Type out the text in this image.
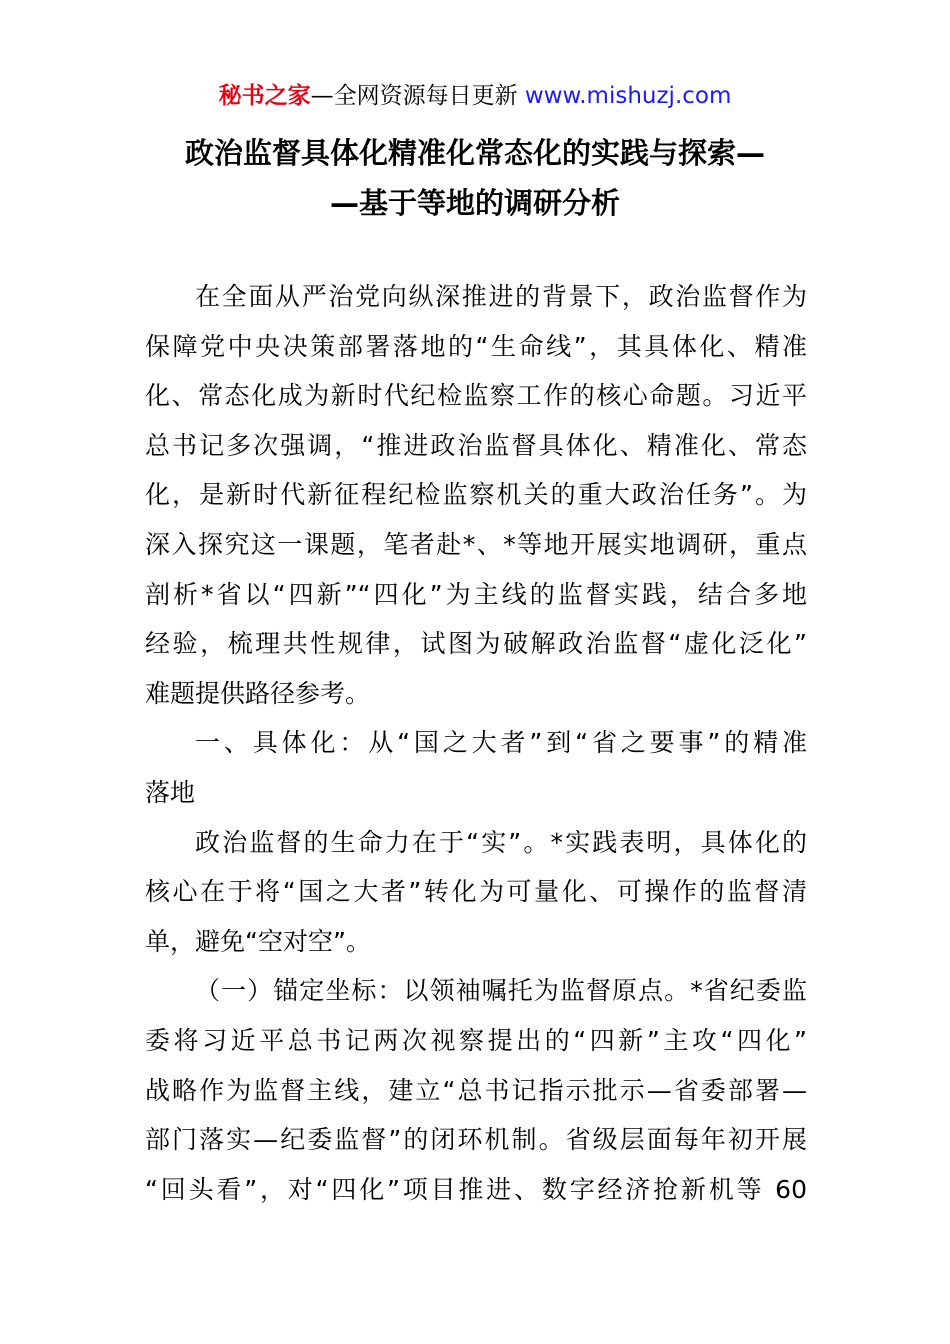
秘书之家—全网资源每日更新 www.mishuzj.com
政治监督具体化精准化常态化的实践与探索—
—基于等地的调研分析
在全面从严治党向纵深推进的背景下，政治监督作为
保障党中央决策部署落地的“生命线”，其具体化、精准
化、常态化成为新时代纪检监察工作的核心命题。习近平
总书记多次强调，“推进政治监督具体化、精准化、常态
化，是新时代新征程纪检监察机关的重大政治任务”。为
深入探究这一课题，笔者赴*、*等地开展实地调研，重点
剖析*省以“四新”“四化”为主线的监督实践，结合多地
经验，梳理共性规律，试图为破解政治监督“虚化泛化”
难题提供路径参考。
一、具体化：从“国之大者”到“省之要事”的精准
落地
政治监督的生命力在于“实”。*实践表明，具体化的
核心在于将“国之大者”转化为可量化、可操作的监督清
单，避免“空对空”。
（一）锚定坐标：以领袖嘱托为监督原点。*省纪委监
委将习近平总书记两次视察提出的“四新”主攻“四化”
战略作为监督主线，建立“总书记指示批示—省委部署—
部门落实—纪委监督”的闭环机制。省级层面每年初开展
“回头看”，对“四化”项目推进、数字经济抢新机等 60
